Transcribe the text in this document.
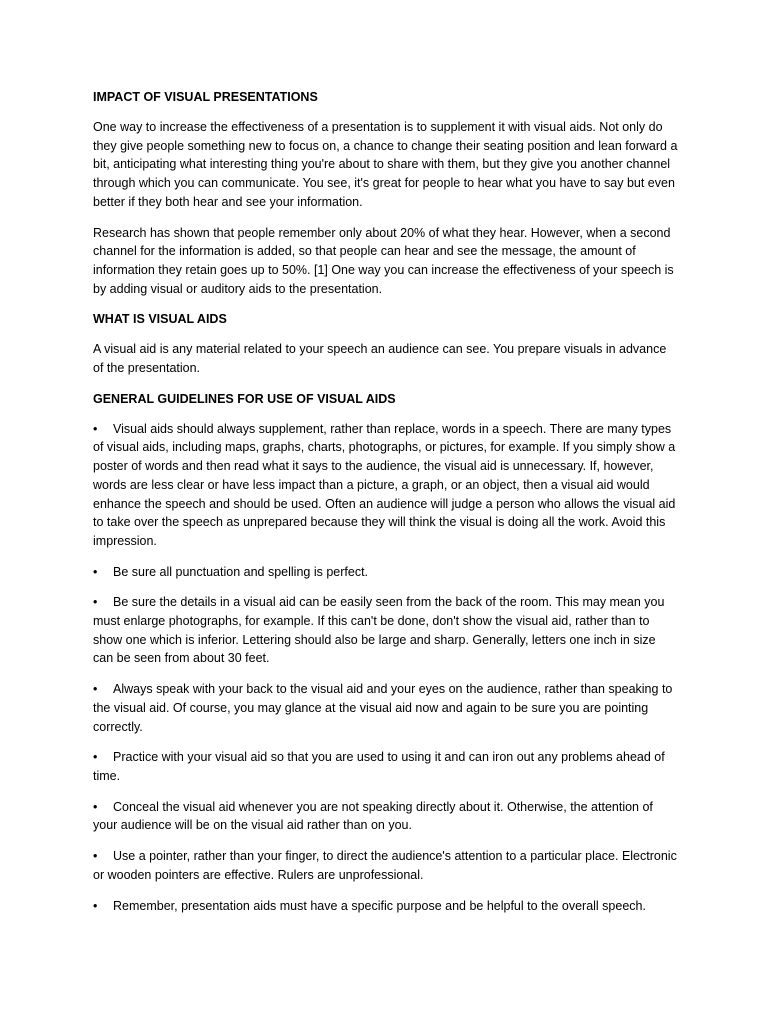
IMPACT OF VISUAL PRESENTATIONS

One way to increase the effectiveness of a presentation is to supplement it with visual aids. Not only do they give people something new to focus on, a chance to change their seating position and lean forward a bit, anticipating what interesting thing you're about to share with them, but they give you another channel through which you can communicate. You see, it's great for people to hear what you have to say but even better if they both hear and see your information.

Research has shown that people remember only about 20% of what they hear. However, when a second channel for the information is added, so that people can hear and see the message, the amount of information they retain goes up to 50%. [1] One way you can increase the effectiveness of your speech is by adding visual or auditory aids to the presentation.

WHAT IS VISUAL AIDS

A visual aid is any material related to your speech an audience can see. You prepare visuals in advance of the presentation.

GENERAL GUIDELINES FOR USE OF VISUAL AIDS
• Visual aids should always supplement, rather than replace, words in a speech. There are many types of visual aids, including maps, graphs, charts, photographs, or pictures, for example. If you simply show a poster of words and then read what it says to the audience, the visual aid is unnecessary. If, however, words are less clear or have less impact than a picture, a graph, or an object, then a visual aid would enhance the speech and should be used. Often an audience will judge a person who allows the visual aid to take over the speech as unprepared because they will think the visual is doing all the work. Avoid this impression.
• Be sure all punctuation and spelling is perfect.
• Be sure the details in a visual aid can be easily seen from the back of the room. This may mean you must enlarge photographs, for example. If this can't be done, don't show the visual aid, rather than to show one which is inferior. Lettering should also be large and sharp. Generally, letters one inch in size can be seen from about 30 feet.
• Always speak with your back to the visual aid and your eyes on the audience, rather than speaking to the visual aid. Of course, you may glance at the visual aid now and again to be sure you are pointing correctly.
• Practice with your visual aid so that you are used to using it and can iron out any problems ahead of time.
• Conceal the visual aid whenever you are not speaking directly about it. Otherwise, the attention of your audience will be on the visual aid rather than on you.
• Use a pointer, rather than your finger, to direct the audience's attention to a particular place. Electronic or wooden pointers are effective. Rulers are unprofessional.
• Remember, presentation aids must have a specific purpose and be helpful to the overall speech.
